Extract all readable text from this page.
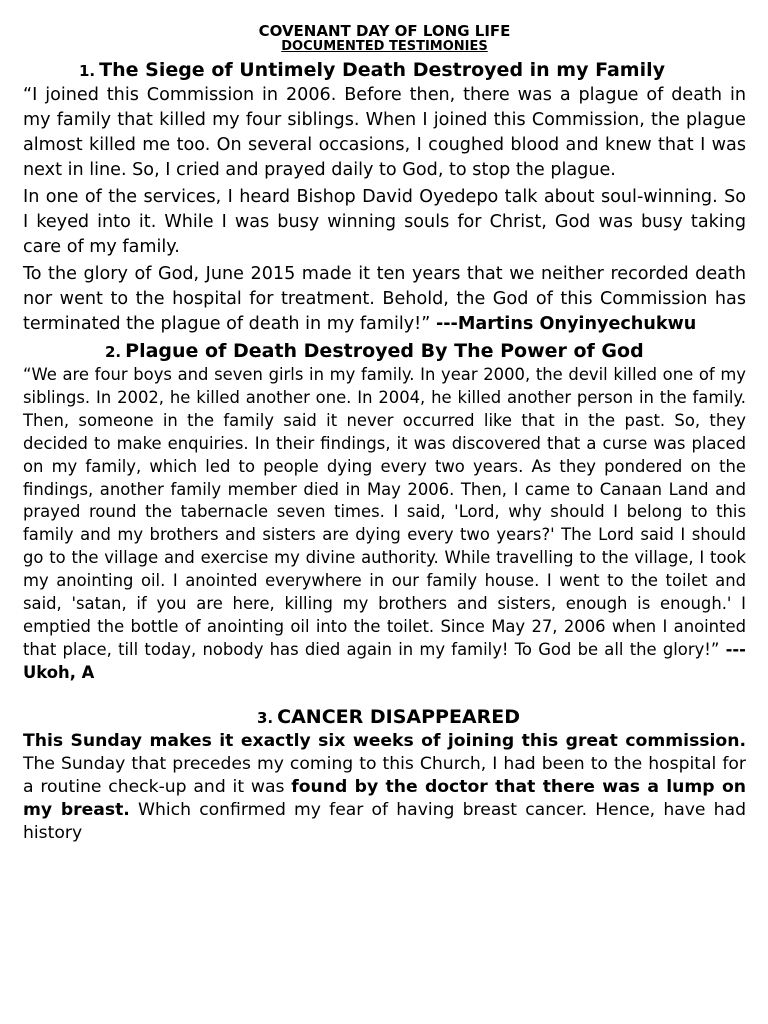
COVENANT DAY OF LONG LIFE
DOCUMENTED TESTIMONIES
1. The Siege of Untimely Death Destroyed in my Family

“I joined this Commission in 2006. Before then, there was a plague of death in my family that killed my four siblings. When I joined this Commission, the plague almost killed me too. On several occasions, I coughed blood and knew that I was next in line. So, I cried and prayed daily to God, to stop the plague.

In one of the services, I heard Bishop David Oyedepo talk about soul-winning. So I keyed into it. While I was busy winning souls for Christ, God was busy taking care of my family.

To the glory of God, June 2015 made it ten years that we neither recorded death nor went to the hospital for treatment. Behold, the God of this Commission has terminated the plague of death in my family!” ---Martins Onyinyechukwu

2. Plague of Death Destroyed By The Power of God

“We are four boys and seven girls in my family. In year 2000, the devil killed one of my siblings. In 2002, he killed another one. In 2004, he killed another person in the family. Then, someone in the family said it never occurred like that in the past. So, they decided to make enquiries. In their findings, it was discovered that a curse was placed on my family, which led to people dying every two years. As they pondered on the findings, another family member died in May 2006. Then, I came to Canaan Land and prayed round the tabernacle seven times. I said, 'Lord, why should I belong to this family and my brothers and sisters are dying every two years?' The Lord said I should go to the village and exercise my divine authority. While travelling to the village, I took my anointing oil. I anointed everywhere in our family house. I went to the toilet and said, 'satan, if you are here, killing my brothers and sisters, enough is enough.' I emptied the bottle of anointing oil into the toilet. Since May 27, 2006 when I anointed that place, till today, nobody has died again in my family! To God be all the glory!” ---Ukoh, A

3. CANCER DISAPPEARED

This Sunday makes it exactly six weeks of joining this great commission. The Sunday that precedes my coming to this Church, I had been to the hospital for a routine check-up and it was found by the doctor that there was a lump on my breast. Which confirmed my fear of having breast cancer. Hence, have had history
